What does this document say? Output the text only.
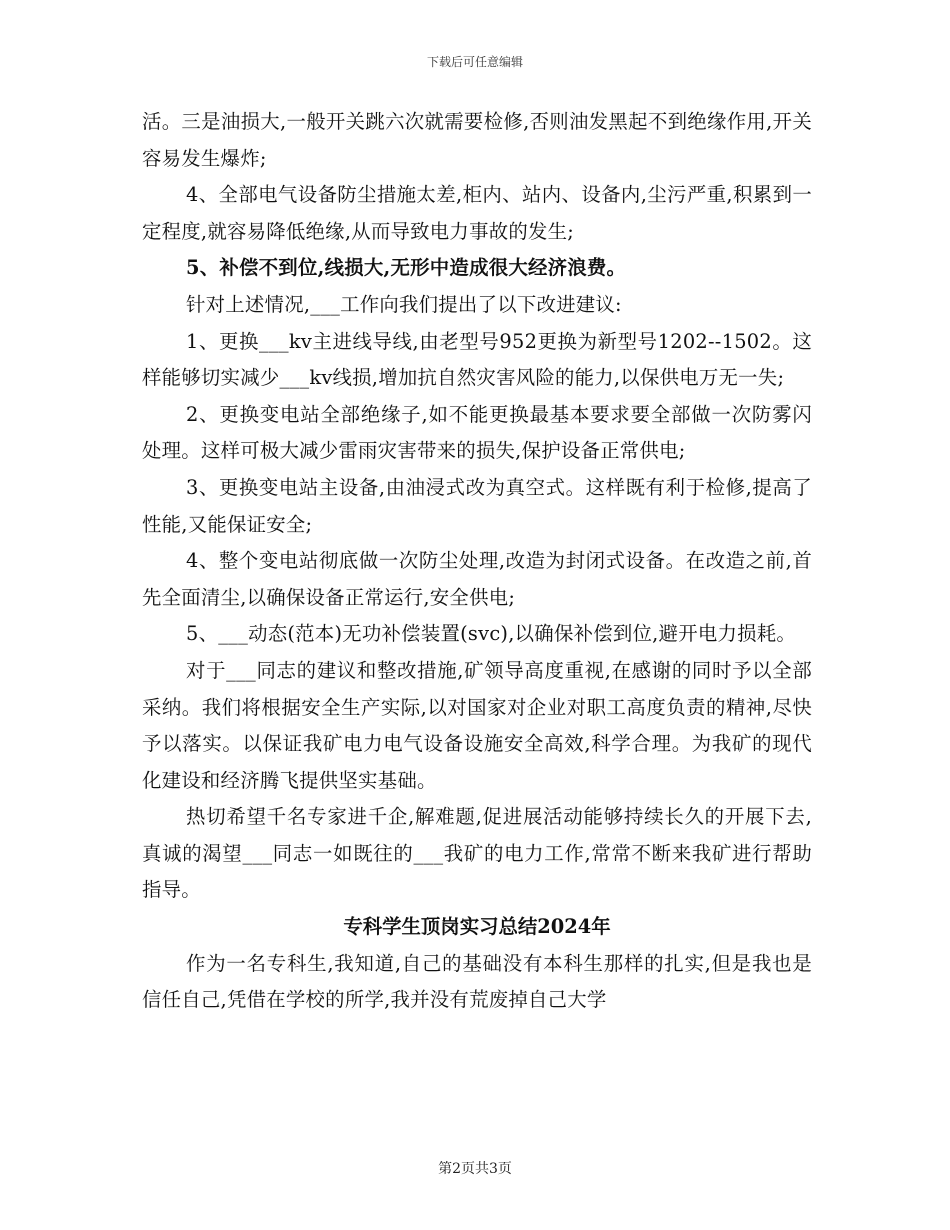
下载后可任意编辑

活。三是油损大,一般开关跳六次就需要检修,否则油发黑起不到绝缘作用,开关容易发生爆炸;

4、全部电气设备防尘措施太差,柜内、站内、设备内,尘污严重,积累到一定程度,就容易降低绝缘,从而导致电力事故的发生;

5、补偿不到位,线损大,无形中造成很大经济浪费。

针对上述情况,___工作向我们提出了以下改进建议:

1、更换___kv主进线导线,由老型号952更换为新型号1202--1502。这样能够切实减少___kv线损,增加抗自然灾害风险的能力,以保供电万无一失;

2、更换变电站全部绝缘子,如不能更换最基本要求要全部做一次防雾闪处理。这样可极大减少雷雨灾害带来的损失,保护设备正常供电;

3、更换变电站主设备,由油浸式改为真空式。这样既有利于检修,提高了性能,又能保证安全;

4、整个变电站彻底做一次防尘处理,改造为封闭式设备。在改造之前,首先全面清尘,以确保设备正常运行,安全供电;

5、___动态(范本)无功补偿装置(svc),以确保补偿到位,避开电力损耗。

对于___同志的建议和整改措施,矿领导高度重视,在感谢的同时予以全部采纳。我们将根据安全生产实际,以对国家对企业对职工高度负责的精神,尽快予以落实。以保证我矿电力电气设备设施安全高效,科学合理。为我矿的现代化建设和经济腾飞提供坚实基础。

热切希望千名专家进千企,解难题,促进展活动能够持续长久的开展下去,真诚的渴望___同志一如既往的___我矿的电力工作,常常不断来我矿进行帮助指导。

专科学生顶岗实习总结2024年

作为一名专科生,我知道,自己的基础没有本科生那样的扎实,但是我也是信任自己,凭借在学校的所学,我并没有荒废掉自己大学

第2页共3页
